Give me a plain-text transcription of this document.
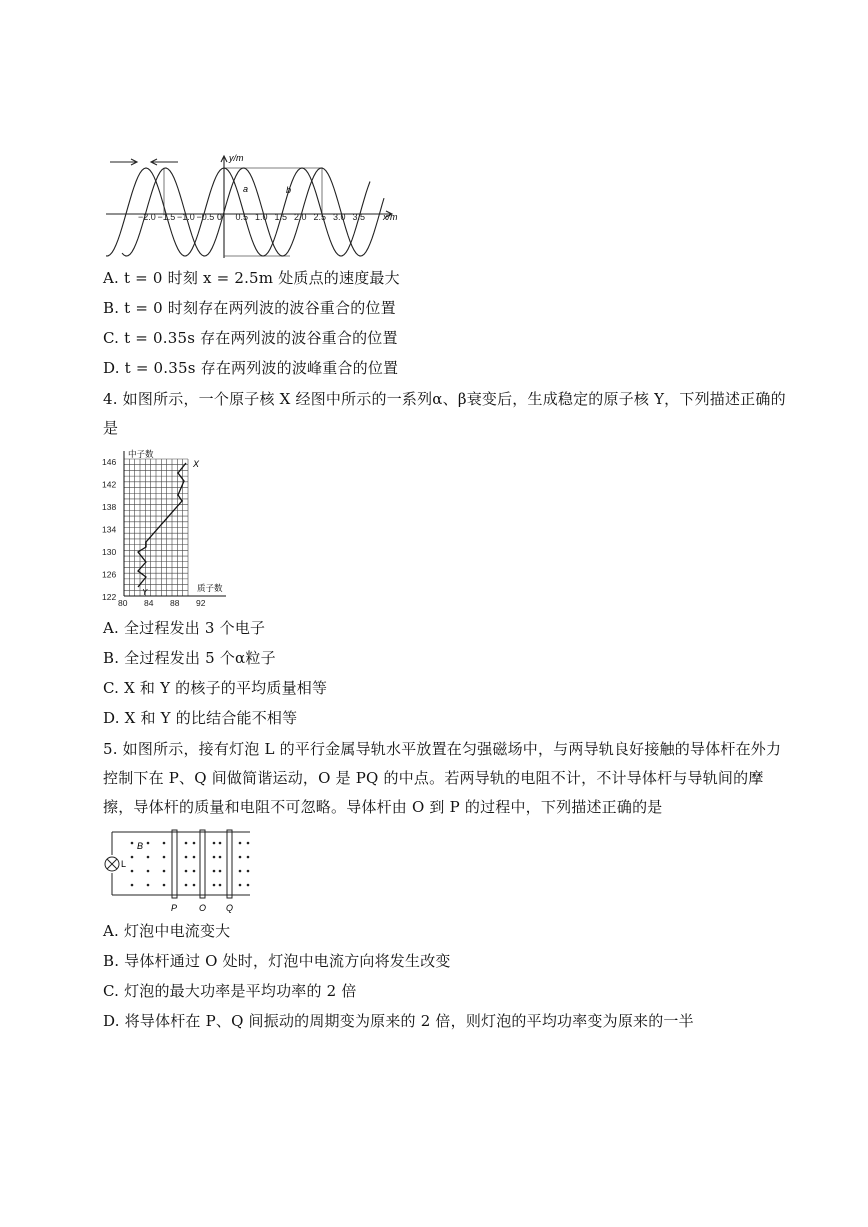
−2.0 −1.5 −1.0 −0.5 0.5 1.0 1.5 2.0 2.5 3.0 3.5
y/m
x/m
0
a	b
A. t = 0 时刻 x = 2.5m 处质点的速度最大
B. t = 0 时刻存在两列波的波谷重合的位置
C. t = 0.35s 存在两列波的波谷重合的位置
D. t = 0.35s 存在两列波的波峰重合的位置
4. 如图所示，一个原子核 X 经图中所示的一系列α、β衰变后，生成稳定的原子核 Y，下列描述正确的
是
146
142
138
134
130
126
122
80 84 88 92
中子数
质子数
X
Y
A. 全过程发出 3 个电子
B. 全过程发出 5 个α粒子
C. X 和 Y 的核子的平均质量相等
D. X 和 Y 的比结合能不相等
5. 如图所示，接有灯泡 L 的平行金属导轨水平放置在匀强磁场中，与两导轨良好接触的导体杆在外力
控制下在 P、Q 间做简谐运动，O 是 PQ 的中点。若两导轨的电阻不计，不计导体杆与导轨间的摩
擦，导体杆的质量和电阻不可忽略。导体杆由 O 到 P 的过程中，下列描述正确的是
B
L
P O Q
A. 灯泡中电流变大
B. 导体杆通过 O 处时，灯泡中电流方向将发生改变
C. 灯泡的最大功率是平均功率的 2 倍
D. 将导体杆在 P、Q 间振动的周期变为原来的 2 倍，则灯泡的平均功率变为原来的一半
